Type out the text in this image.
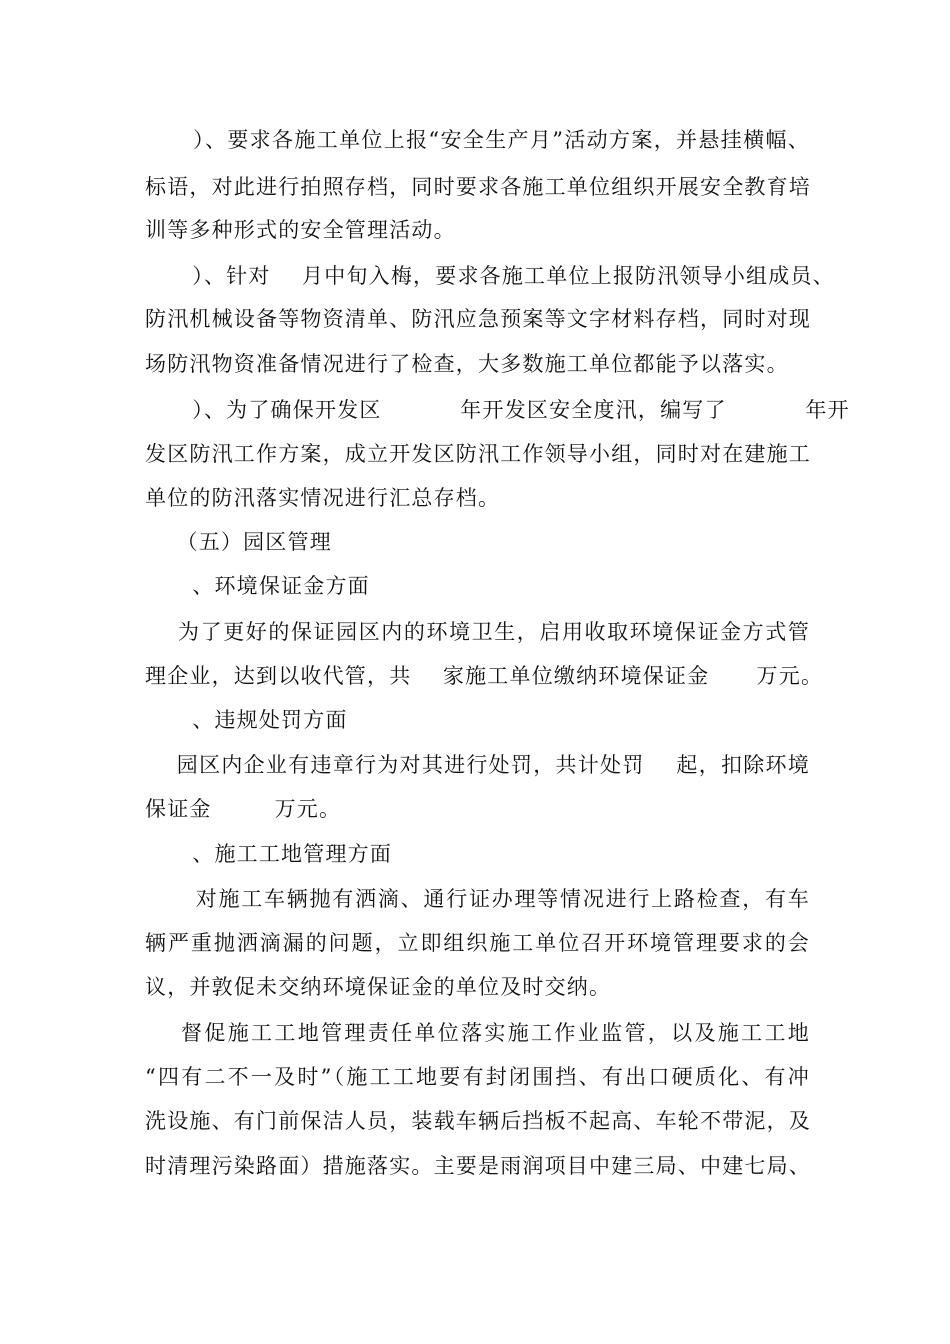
）、要求各施工单位上报“安全生产月”活动方案，并悬挂横幅、
标语，对此进行拍照存档，同时要求各施工单位组织开展安全教育培
训等多种形式的安全管理活动。
）、针对    月中旬入梅，要求各施工单位上报防汛领导小组成员、
防汛机械设备等物资清单、防汛应急预案等文字材料存档，同时对现
场防汛物资准备情况进行了检查，大多数施工单位都能予以落实。
）、为了确保开发区          年开发区安全度汛，编写了          年开
发区防汛工作方案，成立开发区防汛工作领导小组，同时对在建施工
单位的防汛落实情况进行汇总存档。
（五）园区管理
、环境保证金方面
为了更好的保证园区内的环境卫生，启用收取环境保证金方式管
理企业，达到以收代管，共    家施工单位缴纳环境保证金      万元。
、违规处罚方面
园区内企业有违章行为对其进行处罚，共计处罚    起，扣除环境
保证金        万元。
、施工工地管理方面
对施工车辆抛有洒滴、通行证办理等情况进行上路检查，有车
辆严重抛洒滴漏的问题，立即组织施工单位召开环境管理要求的会
议，并敦促未交纳环境保证金的单位及时交纳。
督促施工工地管理责任单位落实施工作业监管，以及施工工地
“四有二不一及时”（施工工地要有封闭围挡、有出口硬质化、有冲
洗设施、有门前保洁人员，装载车辆后挡板不起高、车轮不带泥，及
时清理污染路面）措施落实。主要是雨润项目中建三局、中建七局、
